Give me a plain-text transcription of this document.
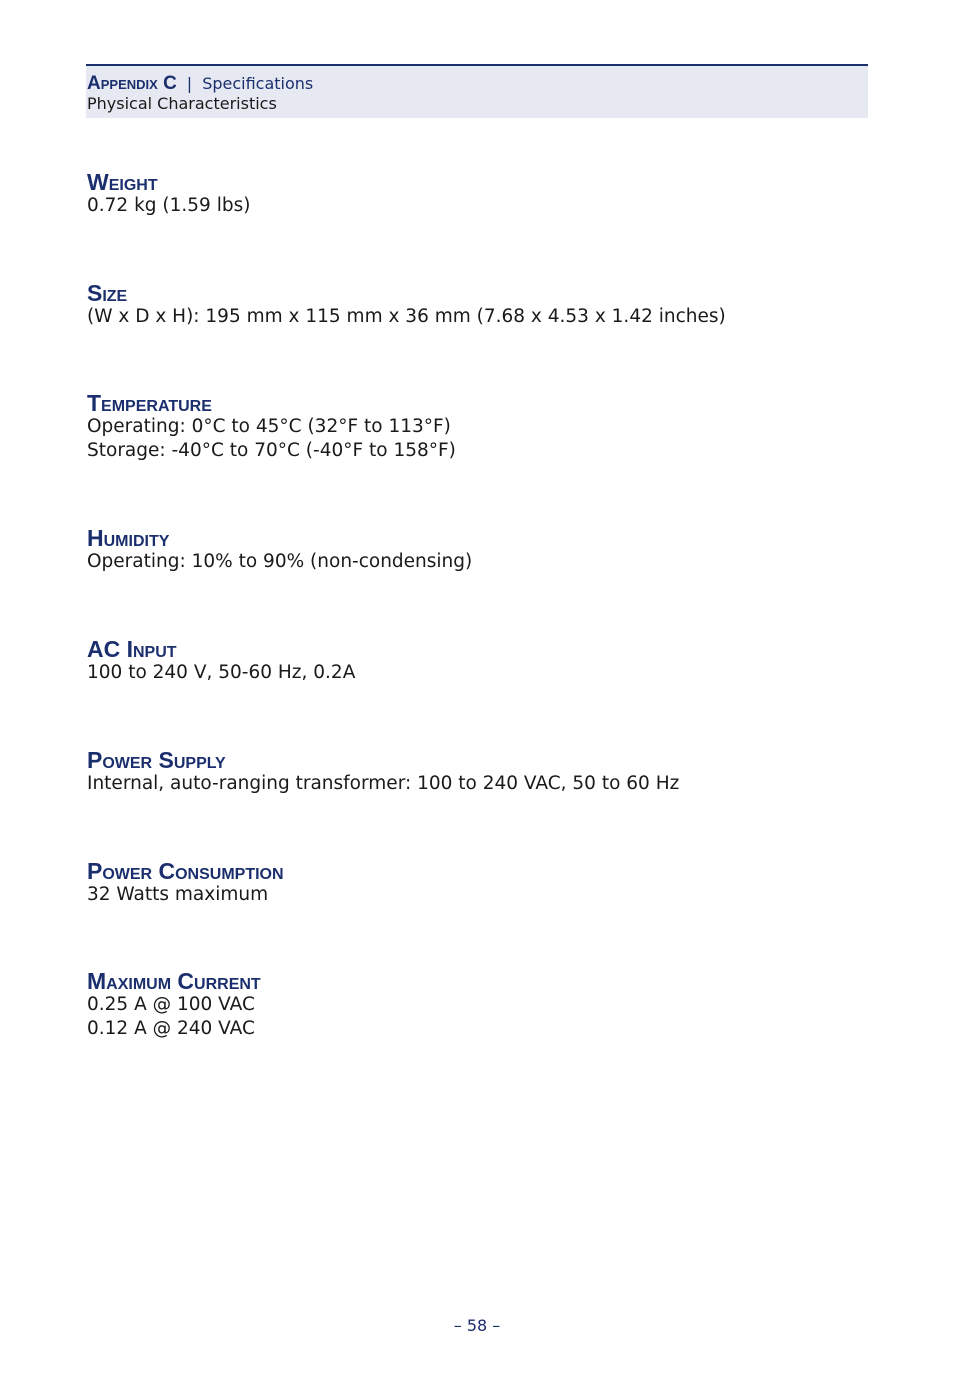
Appendix C | Specifications
Physical Characteristics
Weight

0.72 kg (1.59 lbs)

Size

(W x D x H): 195 mm x 115 mm x 36 mm (7.68 x 4.53 x 1.42 inches)

Temperature

Operating: 0°C to 45°C (32°F to 113°F)

Storage: -40°C to 70°C (-40°F to 158°F)

Humidity

Operating: 10% to 90% (non-condensing)

AC Input

100 to 240 V, 50-60 Hz, 0.2A

Power Supply

Internal, auto-ranging transformer: 100 to 240 VAC, 50 to 60 Hz

Power Consumption

32 Watts maximum

Maximum Current

0.25 A @ 100 VAC

0.12 A @ 240 VAC

– 58 –
